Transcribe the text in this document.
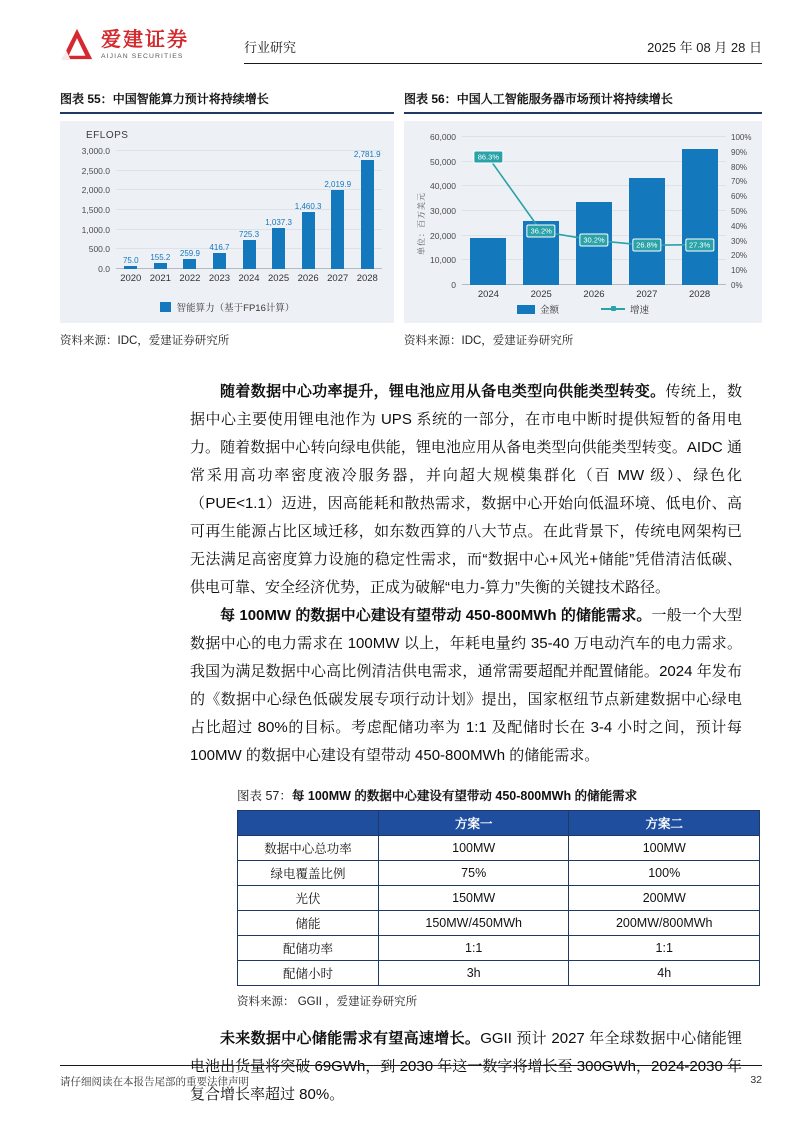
爱建证券
AIJIAN SECURITIES
行业研究	2025 年 08 月 28 日
图表 55：中国智能算力预计将持续增长
EFLOPS
0.0
500.0
1,000.0
1,500.0
2,000.0
2,500.0
3,000.0
75.0 155.2 259.9
416.7
725.3
1,037.3
1,460.3
2,019.9
2,781.9
2020 2021 2022 2023 2024 2025 2026 2027 2028
智能算力（基于FP16计算）
资料来源：IDC，爱建证券研究所
图表 56：中国人工智能服务器市场预计将持续增长
单位：百万美元
0
10,000
20,000
30,000
40,000
50,000
60,000
0%
10%
20%
30%
40%
50%
60%
70%
80%
90%
100%
2024	2025	2026	2027	2028
86.3%
36.2%
30.2%
26.8%	27.3%
金额	增速
资料来源：IDC，爱建证券研究所

随着数据中心功率提升，锂电池应用从备电类型向供能类型转变。传统上，数据中心主要使用锂电池作为 UPS 系统的一部分，在市电中断时提供短暂的备用电力。随着数据中心转向绿电供能，锂电池应用从备电类型向供能类型转变。AIDC 通常采用高功率密度液冷服务器，并向超大规模集群化（百 MW 级）、绿色化（PUE<1.1）迈进，因高能耗和散热需求，数据中心开始向低温环境、低电价、高可再生能源占比区域迁移，如东数西算的八大节点。在此背景下，传统电网架构已无法满足高密度算力设施的稳定性需求，而“数据中心+风光+储能”凭借清洁低碳、供电可靠、安全经济优势，正成为破解“电力-算力”失衡的关键技术路径。

每 100MW 的数据中心建设有望带动 450-800MWh 的储能需求。一般一个大型数据中心的电力需求在 100MW 以上，年耗电量约 35-40 万电动汽车的电力需求。我国为满足数据中心高比例清洁供电需求，通常需要超配并配置储能。2024 年发布的《数据中心绿色低碳发展专项行动计划》提出，国家枢纽节点新建数据中心绿电占比超过 80%的目标。考虑配储功率为 1:1 及配储时长在 3-4 小时之间，预计每 100MW 的数据中心建设有望带动 450-800MWh 的储能需求。

图表 57：每 100MW 的数据中心建设有望带动 450-800MWh 的储能需求
	方案一	方案二
数据中心总功率	100MW	100MW
绿电覆盖比例	75%	100%
光伏	150MW	200MW
储能	150MW/450MWh	200MW/800MWh
配储功率	1:1	1:1
配储小时	3h	4h
资料来源： GGII ，爱建证券研究所

未来数据中心储能需求有望高速增长。GGII 预计 2027 年全球数据中心储能锂电池出货量将突破 69GWh，到 2030 年这一数字将增长至 300GWh，2024-2030 年复合增长率超过 80%。

请仔细阅读在本报告尾部的重要法律声明	32
